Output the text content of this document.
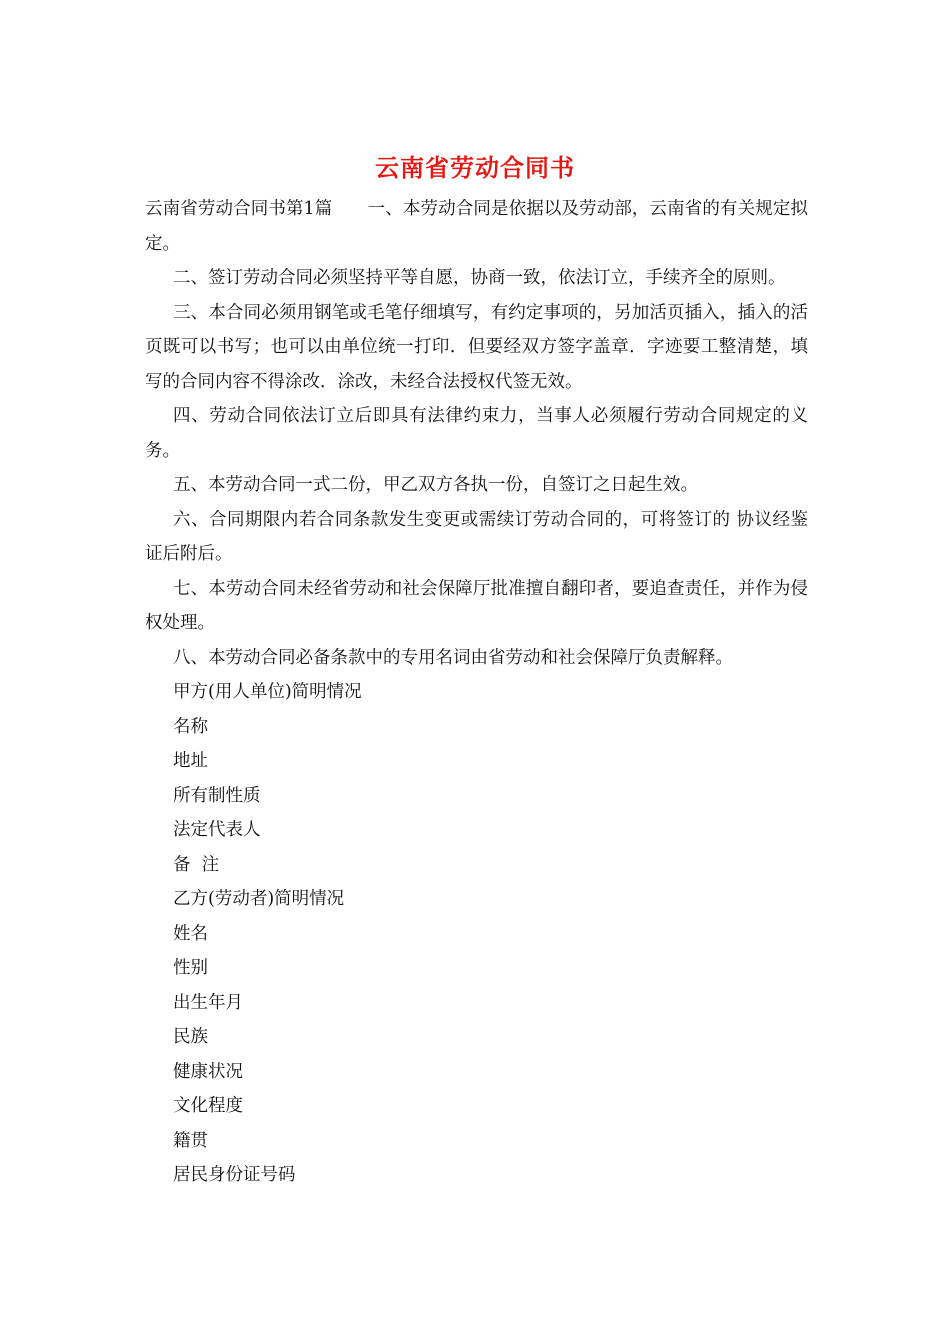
云南省劳动合同书

云南省劳动合同书第1篇　　一、本劳动合同是依据以及劳动部，云南省的有关规定拟定。

二、签订劳动合同必须坚持平等自愿，协商一致，依法订立，手续齐全的原则。

三、本合同必须用钢笔或毛笔仔细填写，有约定事项的，另加活页插入，插入的活页既可以书写；也可以由单位统一打印．但要经双方签字盖章．字迹要工整清楚，填写的合同内容不得涂改．涂改，未经合法授权代签无效。

四、劳动合同依法订立后即具有法律约束力，当事人必须履行劳动合同规定的义务。

五、本劳动合同一式二份，甲乙双方各执一份，自签订之日起生效。

六、合同期限内若合同条款发生变更或需续订劳动合同的，可将签订的 协议经鉴证后附后。

七、本劳动合同未经省劳动和社会保障厅批准擅自翻印者，要追查责任，并作为侵权处理。

八、本劳动合同必备条款中的专用名词由省劳动和社会保障厅负责解释。

甲方(用人单位)简明情况

名称

地址

所有制性质

法定代表人

备  注

乙方(劳动者)简明情况

姓名

性别

出生年月

民族

健康状况

文化程度

籍贯

居民身份证号码
